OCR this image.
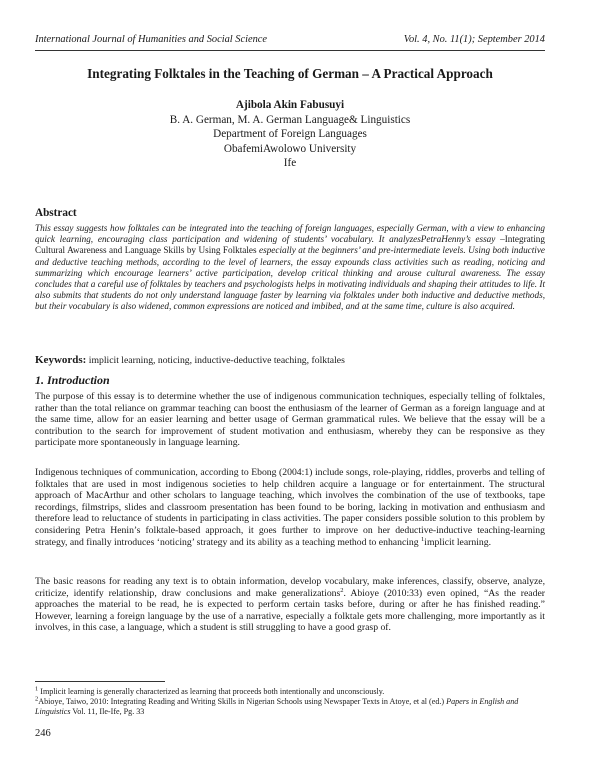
International Journal of Humanities and Social Science	Vol. 4, No. 11(1); September 2014
Integrating Folktales in the Teaching of German – A Practical Approach
Ajibola Akin Fabusuyi
B. A. German, M. A. German Language& Linguistics
Department of Foreign Languages
ObafemiAwolowo University
Ife
Abstract

This essay suggests how folktales can be integrated into the teaching of foreign languages, especially German, with a view to enhancing quick learning, encouraging class participation and widening of students’ vocabulary. It analyzesPetraHenny’s essay –Integrating Cultural Awareness and Language Skills by Using Folktales especially at the beginners’ and pre-intermediate levels. Using both inductive and deductive teaching methods, according to the level of learners, the essay expounds class activities such as reading, noticing and summarizing which encourage learners’ active participation, develop critical thinking and arouse cultural awareness. The essay concludes that a careful use of folktales by teachers and psychologists helps in motivating individuals and shaping their attitudes to life. It also submits that students do not only understand language faster by learning via folktales under both inductive and deductive methods, but their vocabulary is also widened, common expressions are noticed and imbibed, and at the same time, culture is also acquired.

Keywords: implicit learning, noticing, inductive-deductive teaching, folktales
1. Introduction

The purpose of this essay is to determine whether the use of indigenous communication techniques, especially telling of folktales, rather than the total reliance on grammar teaching can boost the enthusiasm of the learner of German as a foreign language and at the same time, allow for an easier learning and better usage of German grammatical rules. We believe that the essay will be a contribution to the search for improvement of student motivation and enthusiasm, whereby they can be responsive as they participate more spontaneously in language learning.

Indigenous techniques of communication, according to Ebong (2004:1) include songs, role-playing, riddles, proverbs and telling of folktales that are used in most indigenous societies to help children acquire a language or for entertainment. The structural approach of MacArthur and other scholars to language teaching, which involves the combination of the use of textbooks, tape recordings, filmstrips, slides and classroom presentation has been found to be boring, lacking in motivation and enthusiasm and therefore lead to reluctance of students in participating in class activities. The paper considers possible solution to this problem by considering Petra Henin’s folktale-based approach, it goes further to improve on her deductive-inductive teaching-learning strategy, and finally introduces ‘noticing’ strategy and its ability as a teaching method to enhancing $^1$implicit learning.

The basic reasons for reading any text is to obtain information, develop vocabulary, make inferences, classify, observe, analyze, criticize, identify relationship, draw conclusions and make generalizations$^2$. Abioye (2010:33) even opined, “As the reader approaches the material to be read, he is expected to perform certain tasks before, during or after he has finished reading.” However, learning a foreign language by the use of a narrative, especially a folktale gets more challenging, more importantly as it involves, in this case, a language, which a student is still struggling to have a good grasp of.

$^1$ Implicit learning is generally characterized as learning that proceeds both intentionally and unconsciously.

$^2$Abioye, Taiwo, 2010: Integrating Reading and Writing Skills in Nigerian Schools using Newspaper Texts in Atoye, et al (ed.) Papers in English and Linguistics Vol. 11, Ile-Ife, Pg. 33

246
